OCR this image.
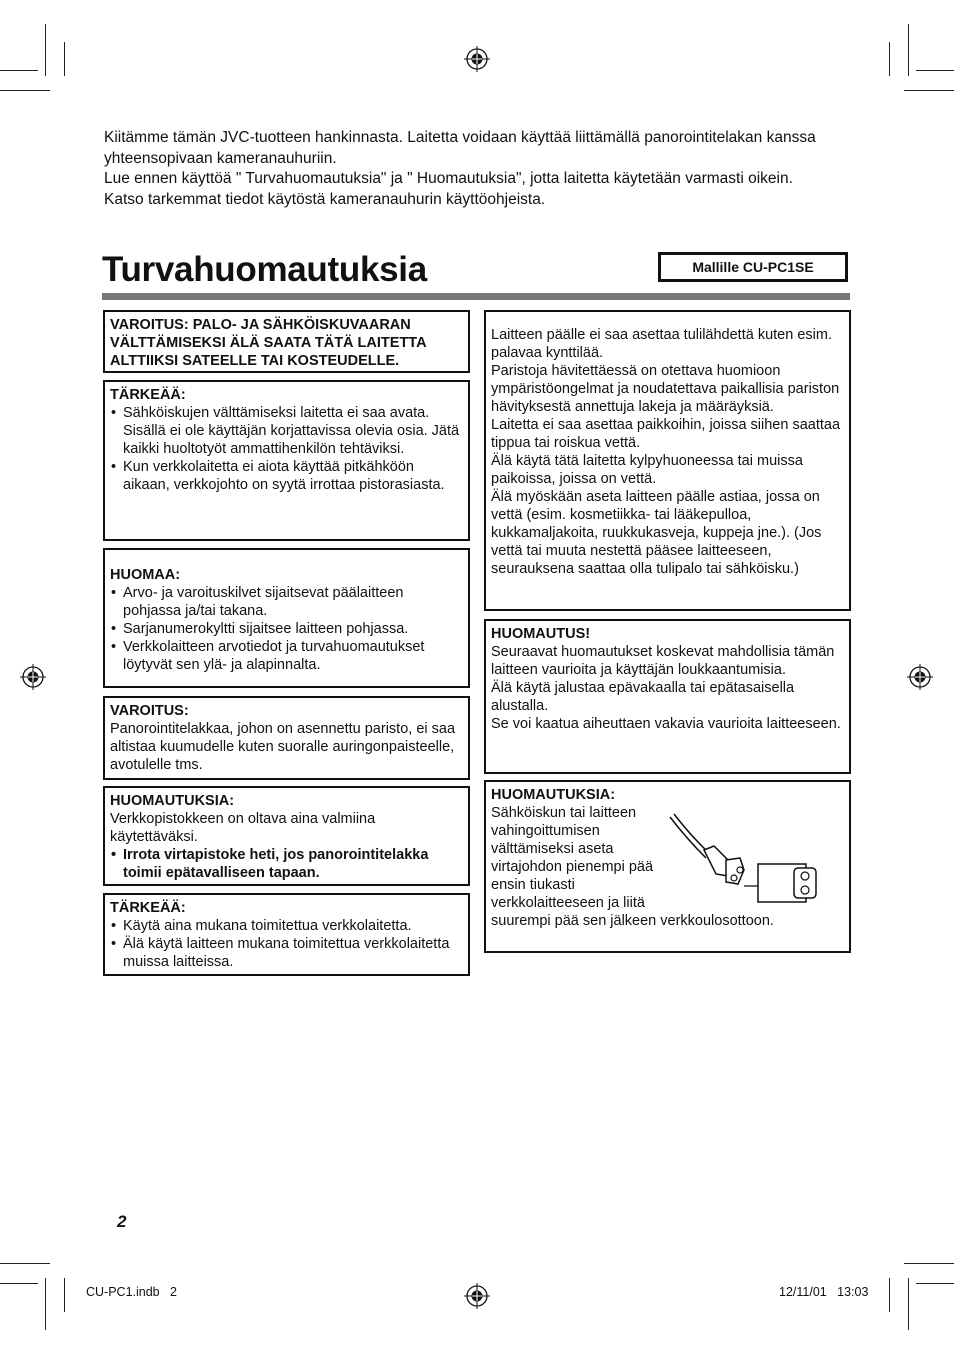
Kiitämme tämän JVC-tuotteen hankinnasta. Laitetta voidaan käyttää liittämällä panorointitelakan kanssa yhteensopivaan kameranauhuriin.

Lue ennen käyttöä " Turvahuomautuksia" ja " Huomautuksia", jotta laitetta käytetään varmasti oikein.

Katso tarkemmat tiedot käytöstä kameranauhurin käyttöohjeista.

Turvahuomautuksia	Mallille CU-PC1SE

VAROITUS: PALO- JA SÄHKÖISKUVAARAN VÄLTTÄMISEKSI ÄLÄ SAATA TÄTÄ LAITETTA ALTTIIKSI SATEELLE TAI KOSTEUDELLE.

TÄRKEÄÄ:

• Sähköiskujen välttämiseksi laitetta ei saa avata. Sisällä ei ole käyttäjän korjattavissa olevia osia. Jätä kaikki huoltotyöt ammattihenkilön tehtäviksi.
• Kun verkkolaitetta ei aiota käyttää pitkähköön aikaan, verkkojohto on syytä irrottaa pistorasiasta.

HUOMAA:

• Arvo- ja varoituskilvet sijaitsevat päälaitteen pohjassa ja/tai takana.
• Sarjanumerokyltti sijaitsee laitteen pohjassa.
• Verkkolaitteen arvotiedot ja turvahuomautukset löytyvät sen ylä- ja alapinnalta.

VAROITUS:

Panorointitelakkaa, johon on asennettu paristo, ei saa altistaa kuumudelle kuten suoralle auringonpaisteelle, avotulelle tms.

HUOMAUTUKSIA:

Verkkopistokkeen on oltava aina valmiina käytettäväksi.

• Irrota virtapistoke heti, jos panorointitelakka toimii epätavalliseen tapaan.

TÄRKEÄÄ:

• Käytä aina mukana toimitettua verkkolaitetta.
• Älä käytä laitteen mukana toimitettua verkkolaitetta muissa laitteissa.

Laitteen päälle ei saa asettaa tulilähdettä kuten esim. palavaa kynttilää.

Paristoja hävitettäessä on otettava huomioon ympäristöongelmat ja noudatettava paikallisia pariston hävityksestä annettuja lakeja ja määräyksiä.

Laitetta ei saa asettaa paikkoihin, joissa siihen saattaa tippua tai roiskua vettä.

Älä käytä tätä laitetta kylpyhuoneessa tai muissa paikoissa, joissa on vettä.

Älä myöskään aseta laitteen päälle astiaa, jossa on vettä (esim. kosmetiikka- tai lääkepulloa, kukkamaljakoita, ruukkukasveja, kuppeja jne.). (Jos vettä tai muuta nestettä pääsee laitteeseen, seurauksena saattaa olla tulipalo tai sähköisku.)

HUOMAUTUS!

Seuraavat huomautukset koskevat mahdollisia tämän laitteen vaurioita ja käyttäjän loukkaantumisia.

Älä käytä jalustaa epävakaalla tai epätasaisella alustalla.

Se voi kaatua aiheuttaen vakavia vaurioita laitteeseen.

HUOMAUTUKSIA:

Sähköiskun tai laitteen vahingoittumisen välttämiseksi aseta virtajohdon pienempi pää ensin tiukasti verkkolaitteeseen ja liitä

suurempi pää sen jälkeen verkkoulosottoon.

2
CU-PC1.indb   2	12/11/01   13:03
